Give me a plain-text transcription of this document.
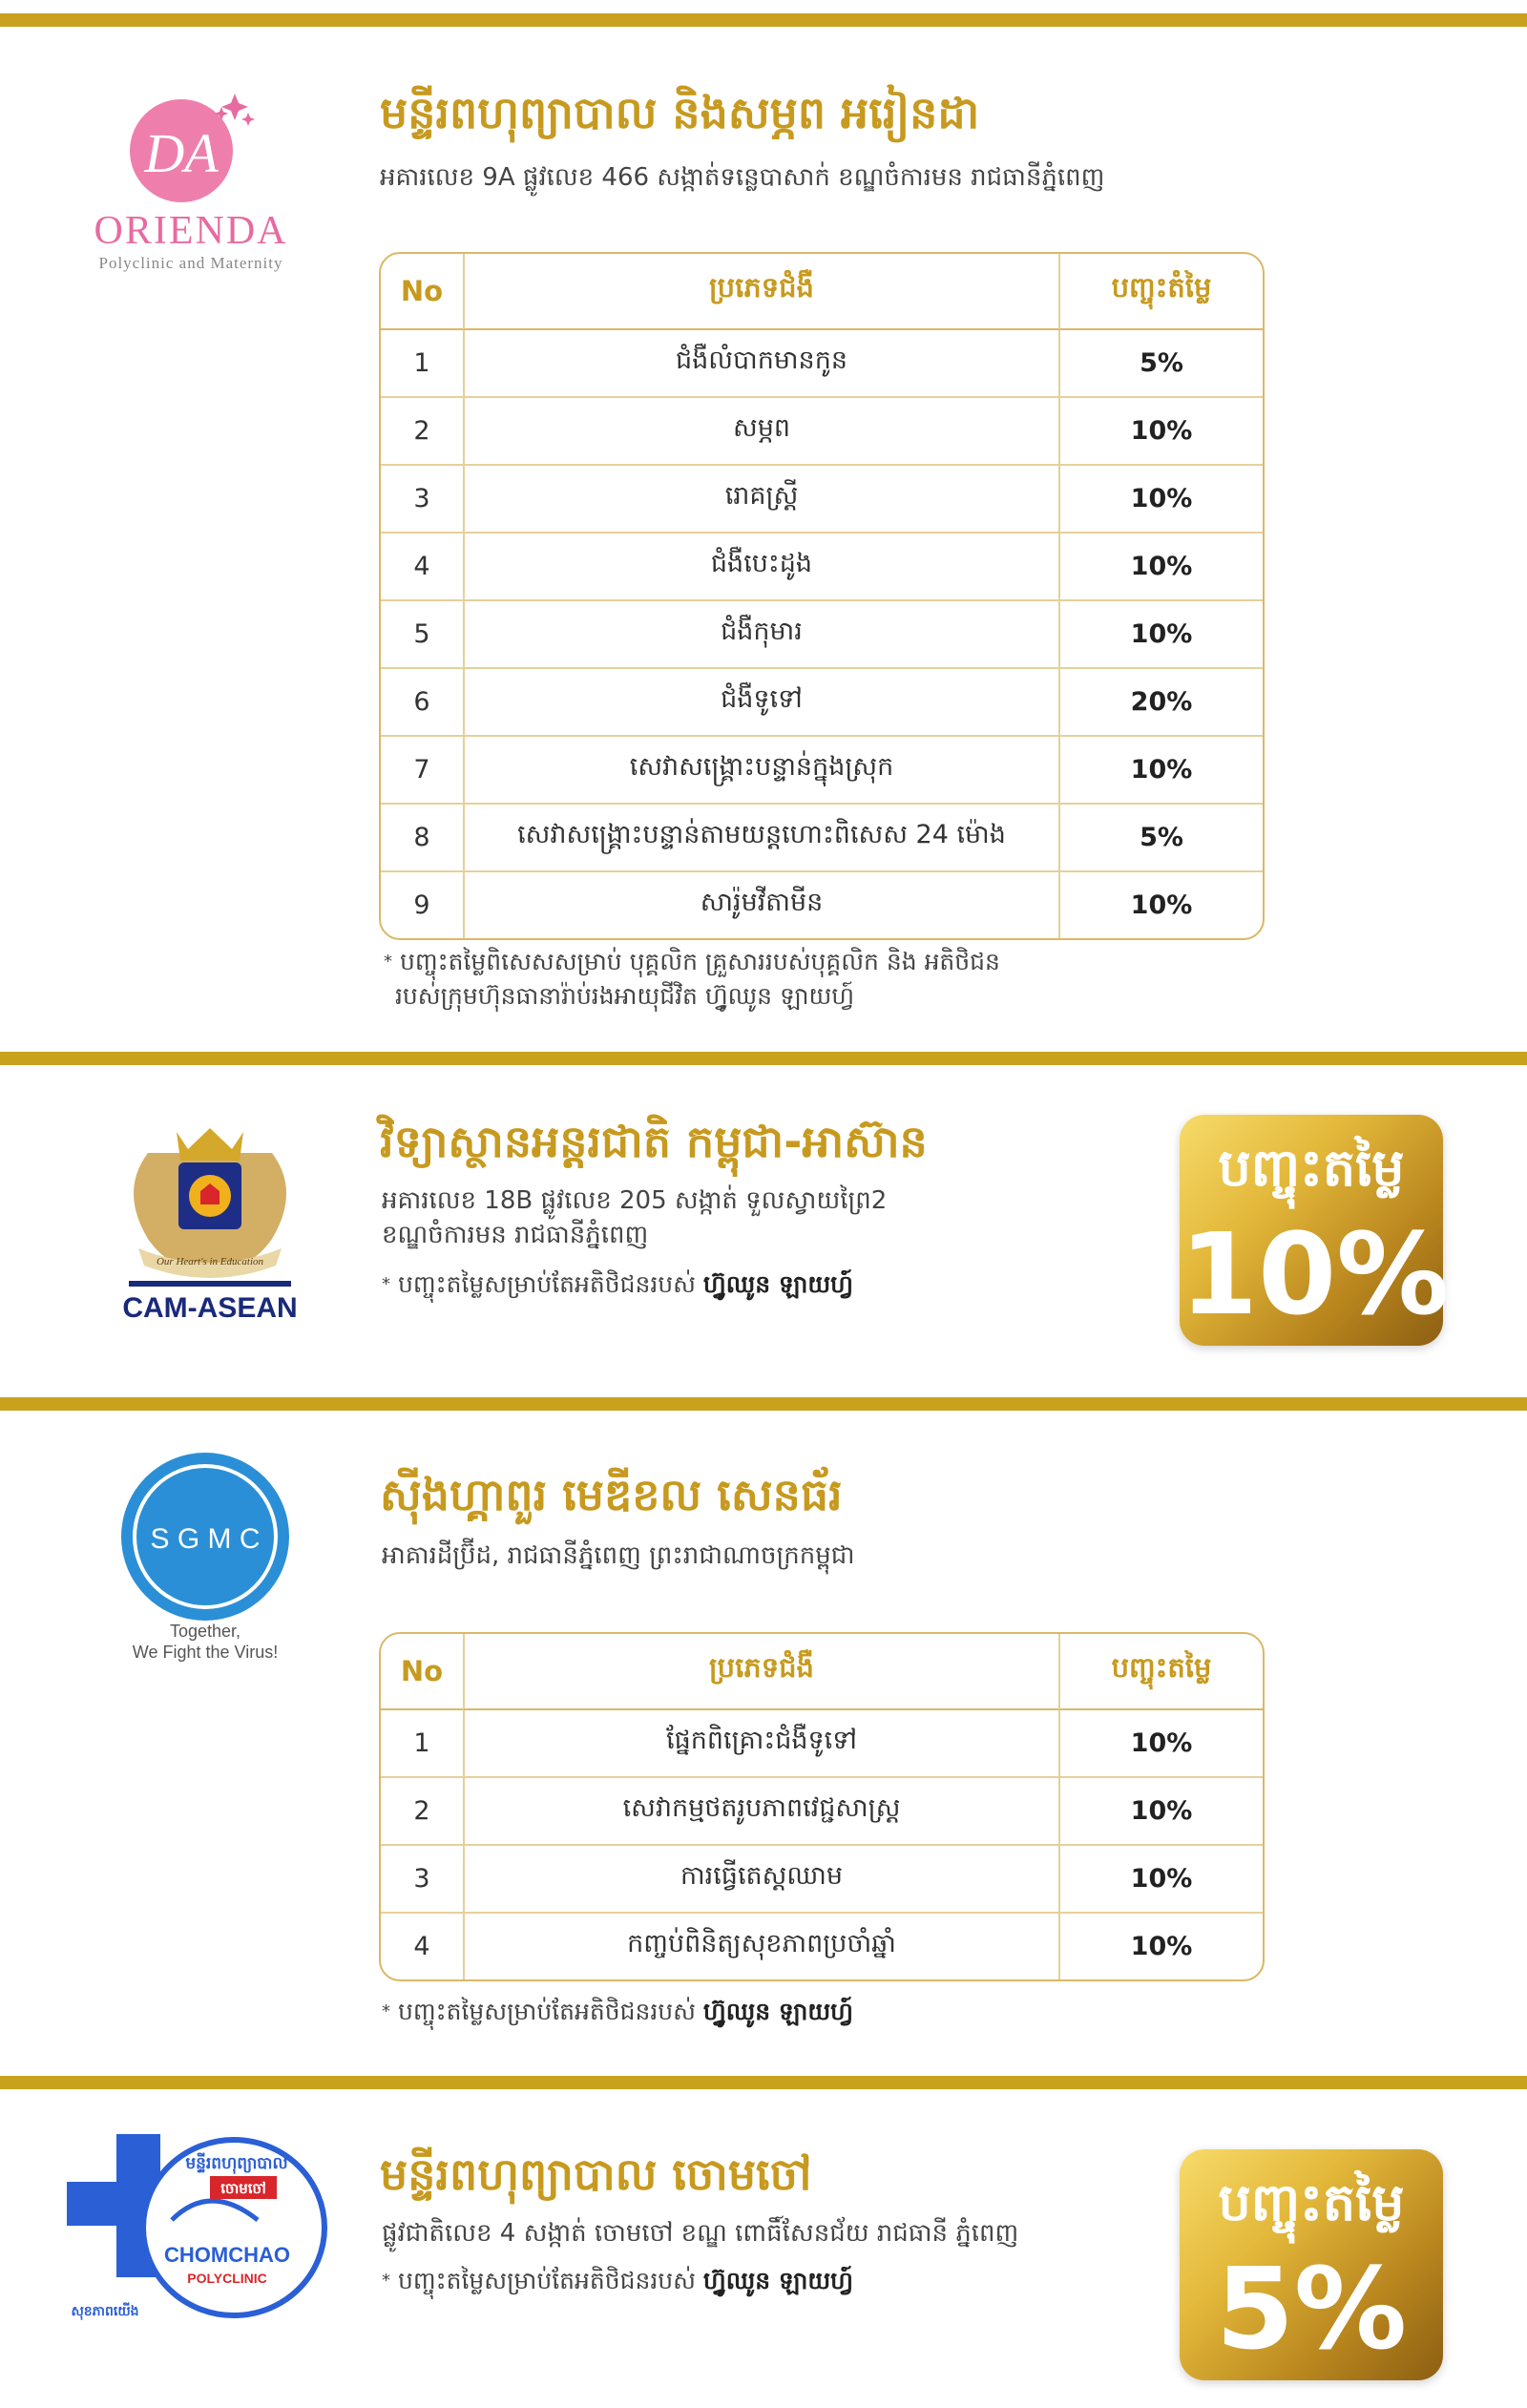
DA
ORIENDA
Polyclinic and Maternity
មន្ទីរពហុព្យាបាល និងសម្ភព អរៀនដា
អគារលេខ 9A ផ្លូវលេខ 466 សង្កាត់ទន្លេបាសាក់ ខណ្ឌចំការមន រាជធានីភ្នំពេញ
No	ប្រភេទជំងឺ	បញ្ចុះតំម្លៃ
1	ជំងឺលំបាកមានកូន	5%
2	សម្ភព	10%
3	រោគស្ត្រី	10%
4	ជំងឺបេះដូង	10%
5	ជំងឺកុមារ	10%
6	ជំងឺទូទៅ	20%
7	សេវាសង្គ្រោះបន្ទាន់ក្នុងស្រុក	10%
8	សេវាសង្គ្រោះបន្ទាន់តាមយន្តហោះពិសេស 24 ម៉ោង	5%
9	សារ៉ូមវីតាមីន	10%
* បញ្ចុះតម្លៃពិសេសសម្រាប់ បុគ្គលិក គ្រួសាររបស់បុគ្គលិក និង អតិថិជន
របស់ក្រុមហ៊ុនធានារ៉ាប់រងអាយុជីវិត ហ្វ៊ូឈូន ឡាយហ្វ៍
Our Heart's in Education
CAM-ASEAN
វិទ្យាស្ថានអន្តរជាតិ កម្ពុជា-អាស៊ាន
អគារលេខ 18B ផ្លូវលេខ 205 សង្កាត់ ទួលស្វាយព្រៃ2
ខណ្ឌចំការមន រាជធានីភ្នំពេញ
* បញ្ចុះតម្លៃសម្រាប់តែអតិថិជនរបស់ ហ្វ៊ូឈូន ឡាយហ្វ៍
បញ្ចុះតម្លៃ
10%
S G M C
Together,
We Fight the Virus!
ស៊ីងហ្គាពួរ មេឌីខល សេនធ័រ
អាគារដីប្រ៊ីដ, រាជធានីភ្នំពេញ ព្រះរាជាណាចក្រកម្ពុជា
No	ប្រភេទជំងឺ	បញ្ចុះតម្លៃ
1	ផ្នែកពិគ្រោះជំងឺទូទៅ	10%
2	សេវាកម្មថតរូបភាពវេជ្ជសាស្ត្រ	10%
3	ការធ្វើតេស្តឈាម	10%
4	កញ្ចប់ពិនិត្យសុខភាពប្រចាំឆ្នាំ	10%
* បញ្ចុះតម្លៃសម្រាប់តែអតិថិជនរបស់ ហ្វ៊ូឈូន ឡាយហ្វ៍
មន្ទីរពហុព្យាបាល
ចោមចៅ
CHOMCHAO
POLYCLINIC
សុខភាពយើង
មន្ទីរពហុព្យាបាល ចោមចៅ
ផ្លូវជាតិលេខ 4 សង្កាត់ ចោមចៅ ខណ្ឌ ពោធិ៍សែនជ័យ រាជធានី ភ្នំពេញ
* បញ្ចុះតម្លៃសម្រាប់តែអតិថិជនរបស់ ហ្វ៊ូឈូន ឡាយហ្វ៍
បញ្ចុះតម្លៃ
5%
